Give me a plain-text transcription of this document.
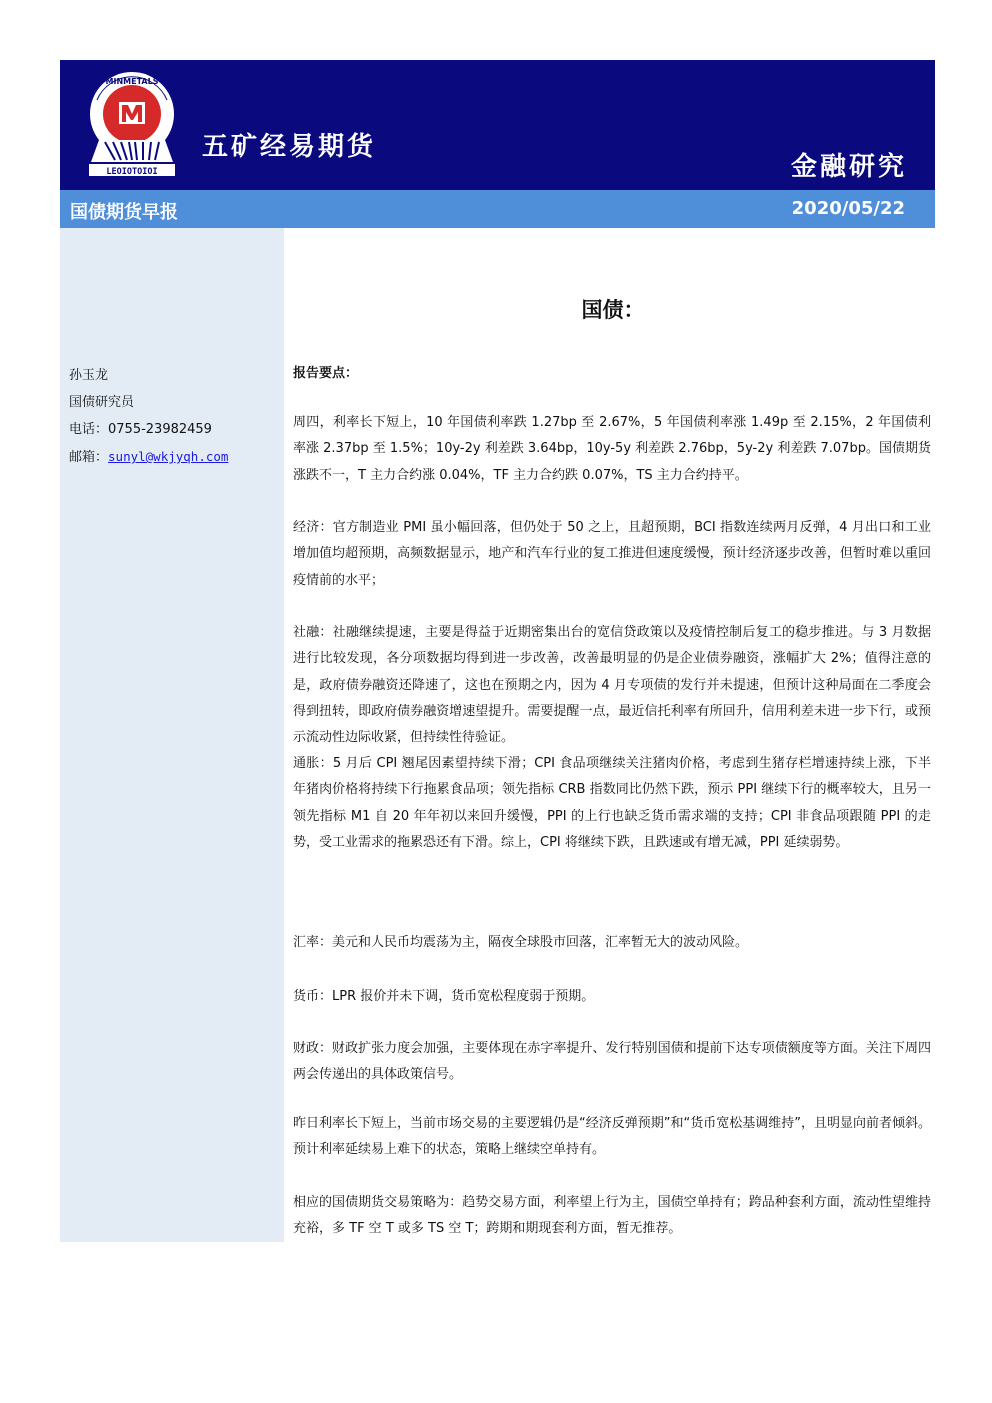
MINMETALS
LEOIOTOIOI
五矿经易期货
金融研究
国债期货早报	2020/05/22
孙玉龙
国债研究员
电话：0755-23982459
邮箱：sunyl@wkjyqh.com
国债：
报告要点：
周四，利率长下短上，10 年国债利率跌 1.27bp 至 2.67%，5 年国债利率涨 1.49p 至 2.15%，2 年国债利率涨 2.37bp 至 1.5%；10y-2y 利差跌 3.64bp，10y-5y 利差跌 2.76bp，5y-2y 利差跌 7.07bp。国债期货涨跌不一，T 主力合约涨 0.04%，TF 主力合约跌 0.07%，TS 主力合约持平。
经济：官方制造业 PMI 虽小幅回落，但仍处于 50 之上，且超预期，BCI 指数连续两月反弹，4 月出口和工业增加值均超预期，高频数据显示，地产和汽车行业的复工推进但速度缓慢，预计经济逐步改善，但暂时难以重回疫情前的水平；
社融：社融继续提速，主要是得益于近期密集出台的宽信贷政策以及疫情控制后复工的稳步推进。与 3 月数据进行比较发现，各分项数据均得到进一步改善，改善最明显的仍是企业债券融资，涨幅扩大 2%；值得注意的是，政府债券融资还降速了，这也在预期之内，因为 4 月专项债的发行并未提速，但预计这种局面在二季度会得到扭转，即政府债券融资增速望提升。需要提醒一点，最近信托利率有所回升，信用利差未进一步下行，或预示流动性边际收紧，但持续性待验证。
通胀：5 月后 CPI 翘尾因素望持续下滑；CPI 食品项继续关注猪肉价格，考虑到生猪存栏增速持续上涨，下半年猪肉价格将持续下行拖累食品项；领先指标 CRB 指数同比仍然下跌，预示 PPI 继续下行的概率较大，且另一领先指标 M1 自 20 年年初以来回升缓慢，PPI 的上行也缺乏货币需求端的支持；CPI 非食品项跟随 PPI 的走势，受工业需求的拖累恐还有下滑。综上，CPI 将继续下跌，且跌速或有增无减，PPI 延续弱势。
汇率：美元和人民币均震荡为主，隔夜全球股市回落，汇率暂无大的波动风险。
货币：LPR 报价并未下调，货币宽松程度弱于预期。
财政：财政扩张力度会加强，主要体现在赤字率提升、发行特别国债和提前下达专项债额度等方面。关注下周四两会传递出的具体政策信号。
昨日利率长下短上，当前市场交易的主要逻辑仍是“经济反弹预期”和“货币宽松基调维持”，且明显向前者倾斜。预计利率延续易上难下的状态，策略上继续空单持有。
相应的国债期货交易策略为：趋势交易方面，利率望上行为主，国债空单持有；跨品种套利方面，流动性望维持充裕，多 TF 空 T 或多 TS 空 T；跨期和期现套利方面，暂无推荐。
